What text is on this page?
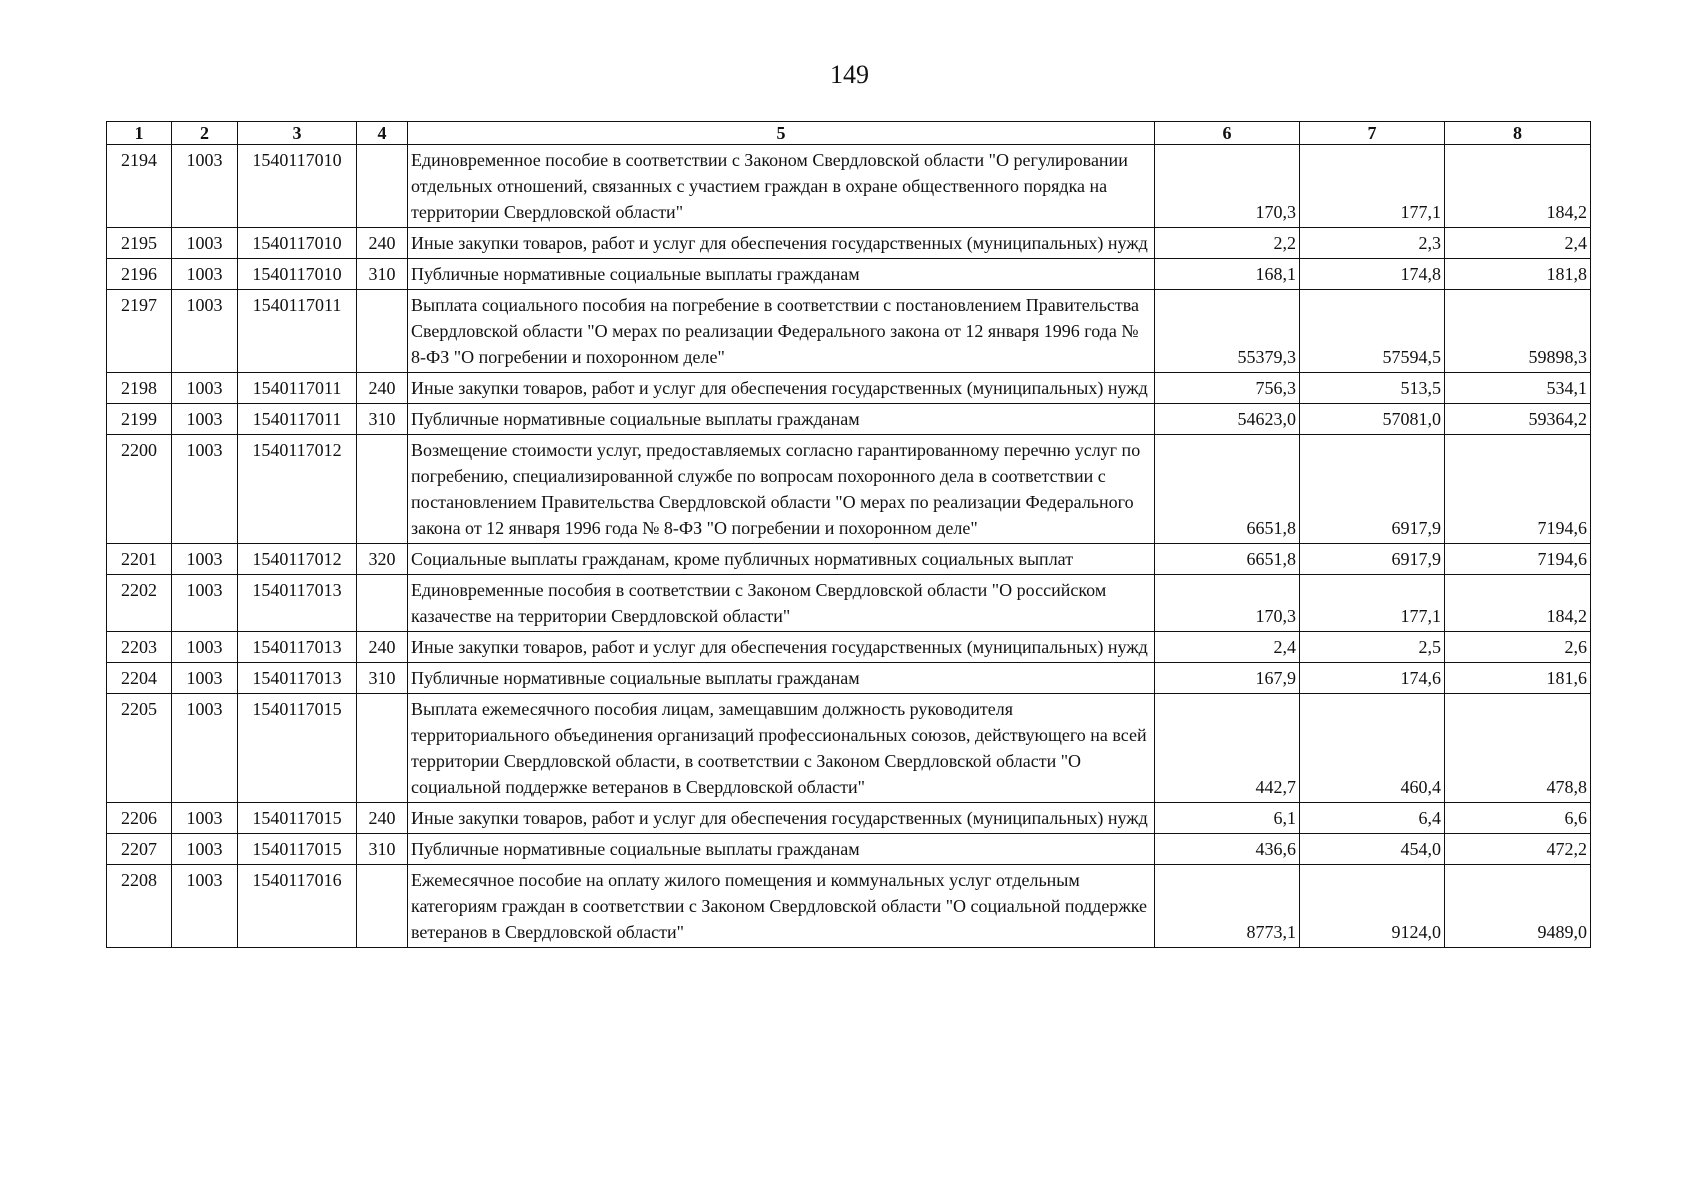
149
1	2	3	4	5	6	7	8
2194	1003	1540117010		Единовременное пособие в соответствии с Законом Свердловской области "О регулировании отдельных отношений, связанных с участием граждан в охране общественного порядка на территории Свердловской области"	170,3	177,1	184,2
2195	1003	1540117010	240	Иные закупки товаров, работ и услуг для обеспечения государственных (муниципальных) нужд	2,2	2,3	2,4
2196	1003	1540117010	310	Публичные нормативные социальные выплаты гражданам	168,1	174,8	181,8
2197	1003	1540117011		Выплата социального пособия на погребение в соответствии с постановлением Правительства Свердловской области "О мерах по реализации Федерального закона от 12 января 1996 года № 8-ФЗ "О погребении и похоронном деле"	55379,3	57594,5	59898,3
2198	1003	1540117011	240	Иные закупки товаров, работ и услуг для обеспечения государственных (муниципальных) нужд	756,3	513,5	534,1
2199	1003	1540117011	310	Публичные нормативные социальные выплаты гражданам	54623,0	57081,0	59364,2
2200	1003	1540117012		Возмещение стоимости услуг, предоставляемых согласно гарантированному перечню услуг по погребению, специализированной службе по вопросам похоронного дела в соответствии с постановлением Правительства Свердловской области "О мерах по реализации Федерального закона от 12 января 1996 года № 8-ФЗ "О погребении и похоронном деле"	6651,8	6917,9	7194,6
2201	1003	1540117012	320	Социальные выплаты гражданам, кроме публичных нормативных социальных выплат	6651,8	6917,9	7194,6
2202	1003	1540117013		Единовременные пособия в соответствии с Законом Свердловской области "О российском казачестве на территории Свердловской области"	170,3	177,1	184,2
2203	1003	1540117013	240	Иные закупки товаров, работ и услуг для обеспечения государственных (муниципальных) нужд	2,4	2,5	2,6
2204	1003	1540117013	310	Публичные нормативные социальные выплаты гражданам	167,9	174,6	181,6
2205	1003	1540117015		Выплата ежемесячного пособия лицам, замещавшим должность руководителя территориального объединения организаций профессиональных союзов, действующего на всей территории Свердловской области, в соответствии с Законом Свердловской области "О социальной поддержке ветеранов в Свердловской области"	442,7	460,4	478,8
2206	1003	1540117015	240	Иные закупки товаров, работ и услуг для обеспечения государственных (муниципальных) нужд	6,1	6,4	6,6
2207	1003	1540117015	310	Публичные нормативные социальные выплаты гражданам	436,6	454,0	472,2
2208	1003	1540117016		Ежемесячное пособие на оплату жилого помещения и коммунальных услуг отдельным категориям граждан в соответствии с Законом Свердловской области "О социальной поддержке ветеранов в Свердловской области"	8773,1	9124,0	9489,0
